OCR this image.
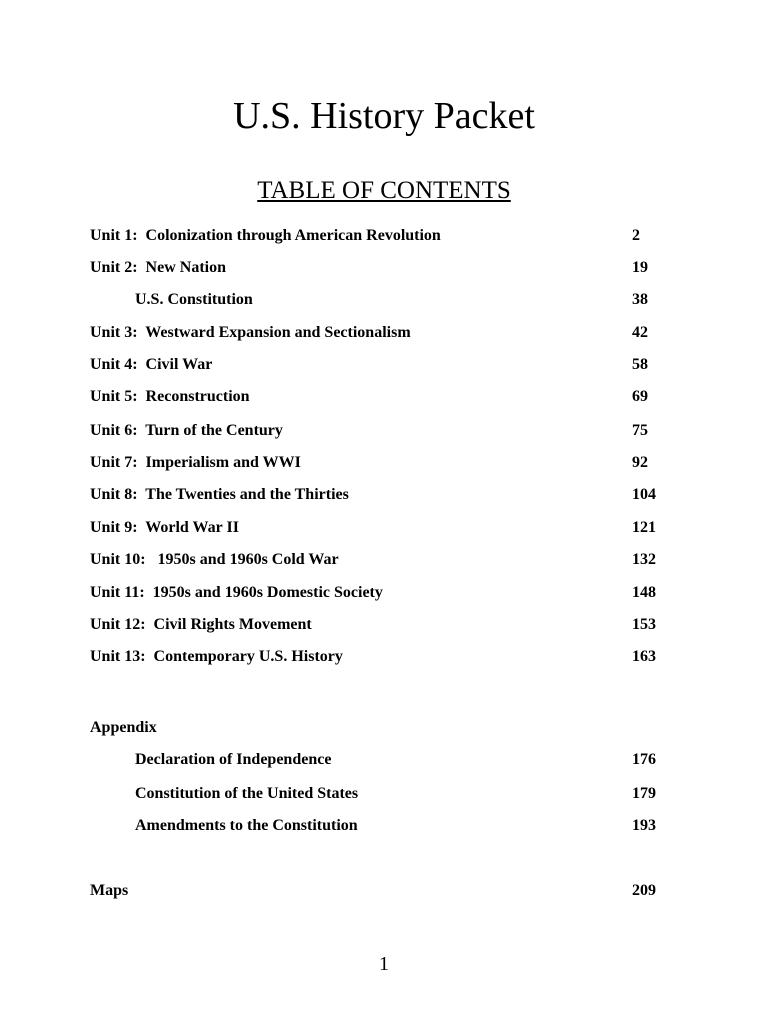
U.S. History Packet
TABLE OF CONTENTS
Unit 1:  Colonization through American Revolution	2
Unit 2:  New Nation	19
U.S. Constitution	38
Unit 3:  Westward Expansion and Sectionalism	42
Unit 4:  Civil War	58
Unit 5:  Reconstruction	69
Unit 6:  Turn of the Century	75
Unit 7:  Imperialism and WWI	92
Unit 8:  The Twenties and the Thirties	104
Unit 9:  World War II	121
Unit 10:   1950s and 1960s Cold War	132
Unit 11:  1950s and 1960s Domestic Society	148
Unit 12:  Civil Rights Movement	153
Unit 13:  Contemporary U.S. History	163
Appendix
Declaration of Independence	176
Constitution of the United States	179
Amendments to the Constitution	193
Maps	209
1
